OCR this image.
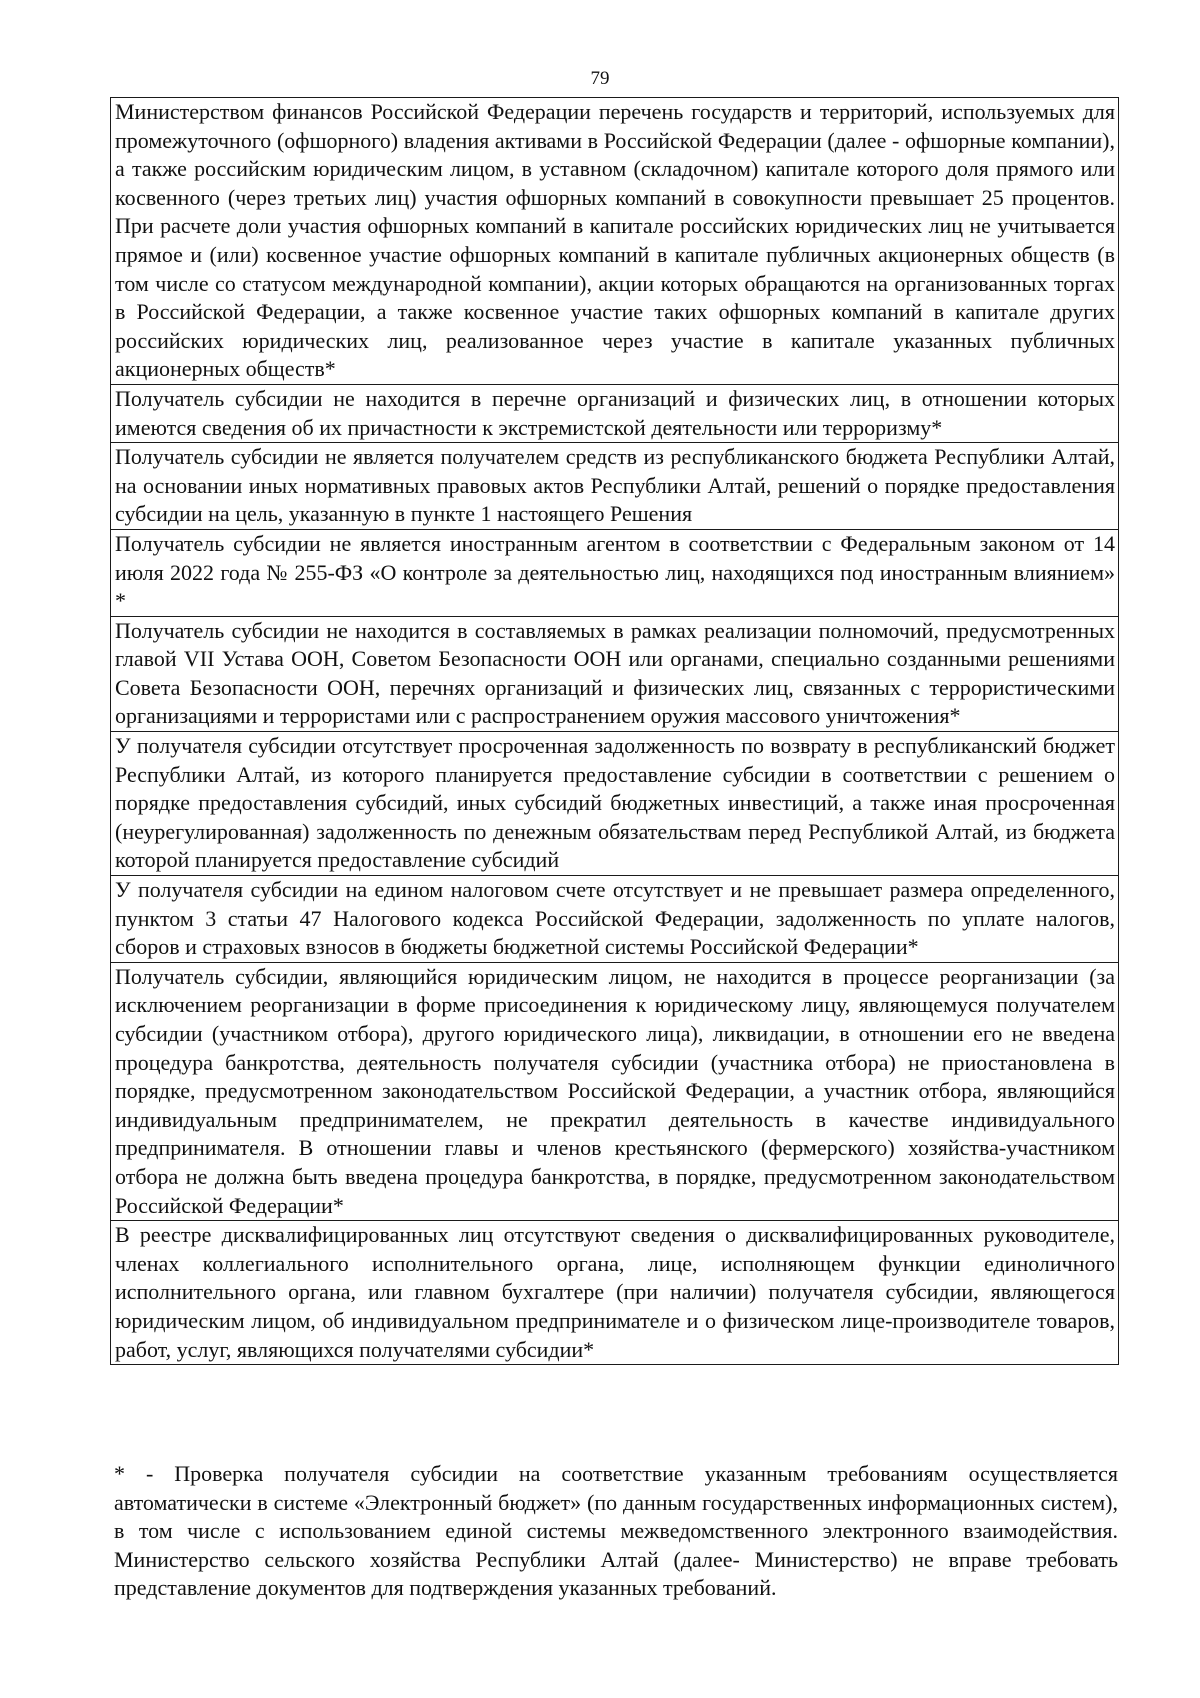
79
Министерством финансов Российской Федерации перечень государств и территорий, используемых для промежуточного (офшорного) владения активами в Российской Федерации (далее - офшорные компании), а также российским юридическим лицом, в уставном (складочном) капитале которого доля прямого или косвенного (через третьих лиц) участия офшорных компаний в совокупности превышает 25 процентов. При расчете доли участия офшорных компаний в капитале российских юридических лиц не учитывается прямое и (или) косвенное участие офшорных компаний в капитале публичных акционерных обществ (в том числе со статусом международной компании), акции которых обращаются на организованных торгах в Российской Федерации, а также косвенное участие таких офшорных компаний в капитале других российских юридических лиц, реализованное через участие в капитале указанных публичных акционерных обществ*
Получатель субсидии не находится в перечне организаций и физических лиц, в отношении которых имеются сведения об их причастности к экстремистской деятельности или терроризму*
Получатель субсидии не является получателем средств из республиканского бюджета Республики Алтай, на основании иных нормативных правовых актов Республики Алтай, решений о порядке предоставления субсидии на цель, указанную в пункте 1 настоящего Решения
Получатель субсидии не является иностранным агентом в соответствии с Федеральным законом от 14 июля 2022 года № 255-ФЗ «О контроле за деятельностью лиц, находящихся под иностранным влиянием» *
Получатель субсидии не находится в составляемых в рамках реализации полномочий, предусмотренных главой VII Устава ООН, Советом Безопасности ООН или органами, специально созданными решениями Совета Безопасности ООН, перечнях организаций и физических лиц, связанных с террористическими организациями и террористами или с распространением оружия массового уничтожения*
У получателя субсидии отсутствует просроченная задолженность по возврату в республиканский бюджет Республики Алтай, из которого планируется предоставление субсидии в соответствии с решением о порядке предоставления субсидий, иных субсидий бюджетных инвестиций, а также иная просроченная (неурегулированная) задолженность по денежным обязательствам перед Республикой Алтай, из бюджета которой планируется предоставление субсидий
У получателя субсидии на едином налоговом счете отсутствует и не превышает размера определенного, пунктом 3 статьи 47 Налогового кодекса Российской Федерации, задолженность по уплате налогов, сборов и страховых взносов в бюджеты бюджетной системы Российской Федерации*
Получатель субсидии, являющийся юридическим лицом, не находится в процессе реорганизации (за исключением реорганизации в форме присоединения к юридическому лицу, являющемуся получателем субсидии (участником отбора), другого юридического лица), ликвидации, в отношении его не введена процедура банкротства, деятельность получателя субсидии (участника отбора) не приостановлена в порядке, предусмотренном законодательством Российской Федерации, а участник отбора, являющийся индивидуальным предпринимателем, не прекратил деятельность в качестве индивидуального предпринимателя. В отношении главы и членов крестьянского (фермерского) хозяйства-участником отбора не должна быть введена процедура банкротства, в порядке, предусмотренном законодательством Российской Федерации*
В реестре дисквалифицированных лиц отсутствуют сведения о дисквалифицированных руководителе, членах коллегиального исполнительного органа, лице, исполняющем функции единоличного исполнительного органа, или главном бухгалтере (при наличии) получателя субсидии, являющегося юридическим лицом, об индивидуальном предпринимателе и о физическом лице-производителе товаров, работ, услуг, являющихся получателями субсидии*

* - Проверка получателя субсидии на соответствие указанным требованиям осуществляется автоматически в системе «Электронный бюджет» (по данным государственных информационных систем), в том числе с использованием единой системы межведомственного электронного взаимодействия. Министерство сельского хозяйства Республики Алтай (далее- Министерство) не вправе требовать представление документов для подтверждения указанных требований.
